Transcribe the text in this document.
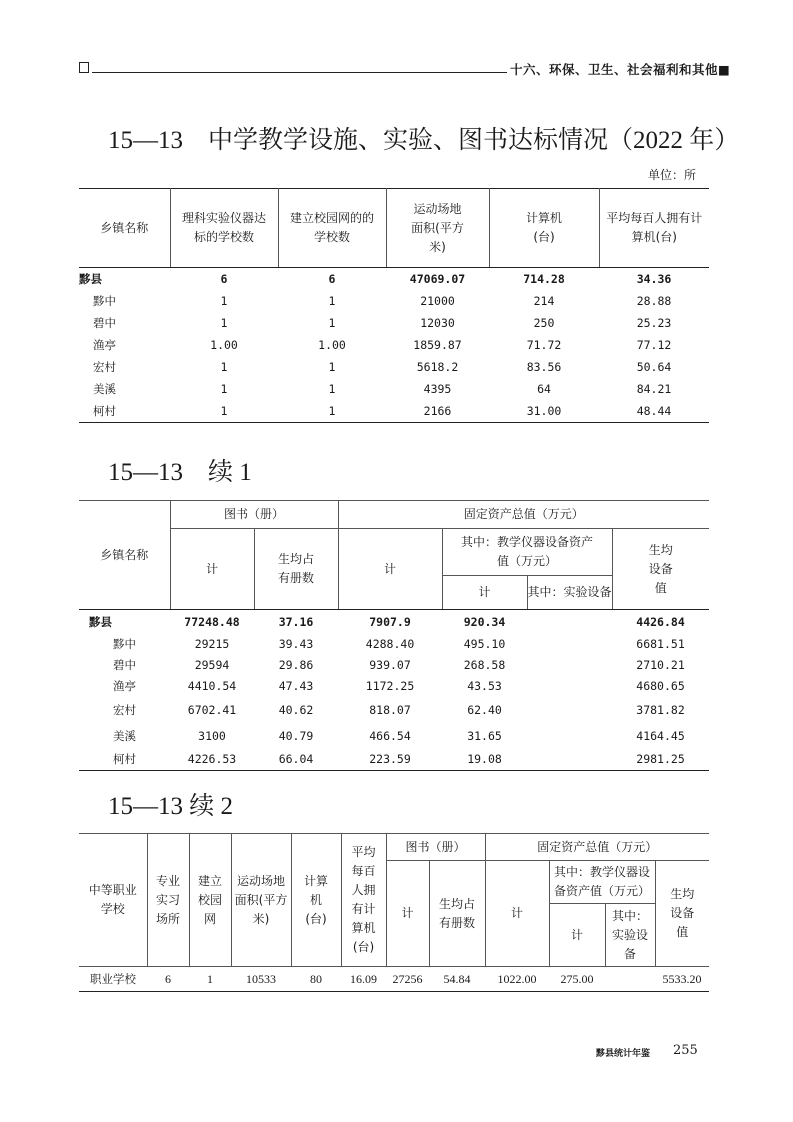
十六、环保、卫生、社会福利和其他■
15—13　中学教学设施、实验、图书达标情况（2022 年）
单位：所
乡镇名称	理科实验仪器达标的学校数	建立校园网的的学校数	运动场地面积(平方米)	计算机(台)	平均每百人拥有计算机(台)
黟县	6	6	47069.07	714.28	34.36
黟中	1	1	21000	214	28.88
碧中	1	1	12030	250	25.23
渔亭	1.00	1.00	1859.87	71.72	77.12
宏村	1	1	5618.2	83.56	50.64
美溪	1	1	4395	64	84.21
柯村	1	1	2166	31.00	48.44
15—13　续 1
乡镇名称	图书（册）		固定资产总值（万元）			
	计	生均占有册数	计	其中：教学仪器设备资产值（万元）		生均设备值
				计	其中：实验设备	
黟县	77248.48	37.16	7907.9	920.34		4426.84
黟中	29215	39.43	4288.40	495.10		6681.51
碧中	29594	29.86	939.07	268.58		2710.21
渔亭	4410.54	47.43	1172.25	43.53		4680.65
宏村	6702.41	40.62	818.07	62.40		3781.82
美溪	3100	40.79	466.54	31.65		4164.45
柯村	4226.53	66.04	223.59	19.08		2981.25
15—13 续 2
中等职业学校	专业实习场所	建立校园网	运动场地面积(平方米)	计算机(台)	平均每百人拥有计算机(台)	图书（册）		固定资产总值（万元）			
						计	生均占有册数	计	其中：教学仪器设备资产值（万元）		生均设备值
									计	其中：实验设备	
职业学校	6	1	10533	80	16.09	27256	54.84	1022.00	275.00		5533.20
黟县统计年鉴 255
